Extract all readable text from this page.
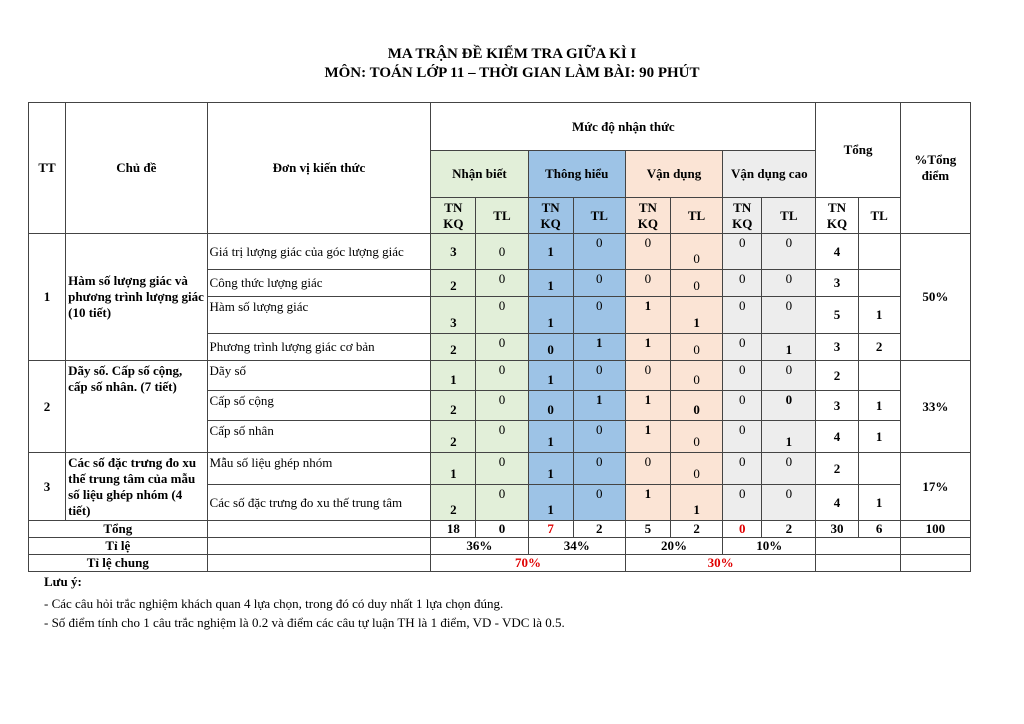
MA TRẬN ĐỀ KIỂM TRA GIỮA KÌ I
MÔN: TOÁN LỚP 11 – THỜI GIAN LÀM BÀI: 90 PHÚT
TT	Chủ đề	Đơn vị kiến thức	Mức độ nhận thức								Tổng		%Tổng điểm
			Nhận biết		Thông hiểu		Vận dụng		Vận dụng cao				
			TN KQ	TL	TN KQ	TL	TN KQ	TL	TN KQ	TL	TN KQ	TL	
1	Hàm số lượng giác và phương trình lượng giác (10 tiết)	Giá trị lượng giác của góc lượng giác	3	0	1	0	0	0	0	0	4		50%
		Công thức lượng giác	2	0	1	0	0	0	0	0	3		
		Hàm số lượng giác	3	0	1	0	1	1	0	0	5	1	
		Phương trình lượng giác cơ bản	2	0	0	1	1	0	0	1	3	2	
2	Dãy số. Cấp số cộng, cấp số nhân. (7 tiết)	Dãy số	1	0	1	0	0	0	0	0	2		33%
		Cấp số cộng	2	0	0	1	1	0	0	0	3	1	
		Cấp số nhân	2	0	1	0	1	0	0	1	4	1	
3	Các số đặc trưng đo xu thế trung tâm của mẫu số liệu ghép nhóm (4 tiết)	Mẫu số liệu ghép nhóm	1	0	1	0	0	0	0	0	2		17%
		Các số đặc trưng đo xu thế trung tâm	2	0	1	0	1	1	0	0	4	1	
Tổng			18	0	7	2	5	2	0	2	30	6	100
Tỉ lệ			36%		34%		20%		10%				
Tỉ lệ chung			70%				30%						
Lưu ý:
- Các câu hỏi trắc nghiệm khách quan 4 lựa chọn, trong đó có duy nhất 1 lựa chọn đúng.
- Số điểm tính cho 1 câu trắc nghiệm là 0.2 và điểm các câu tự luận TH là 1 điểm, VD - VDC là 0.5.
